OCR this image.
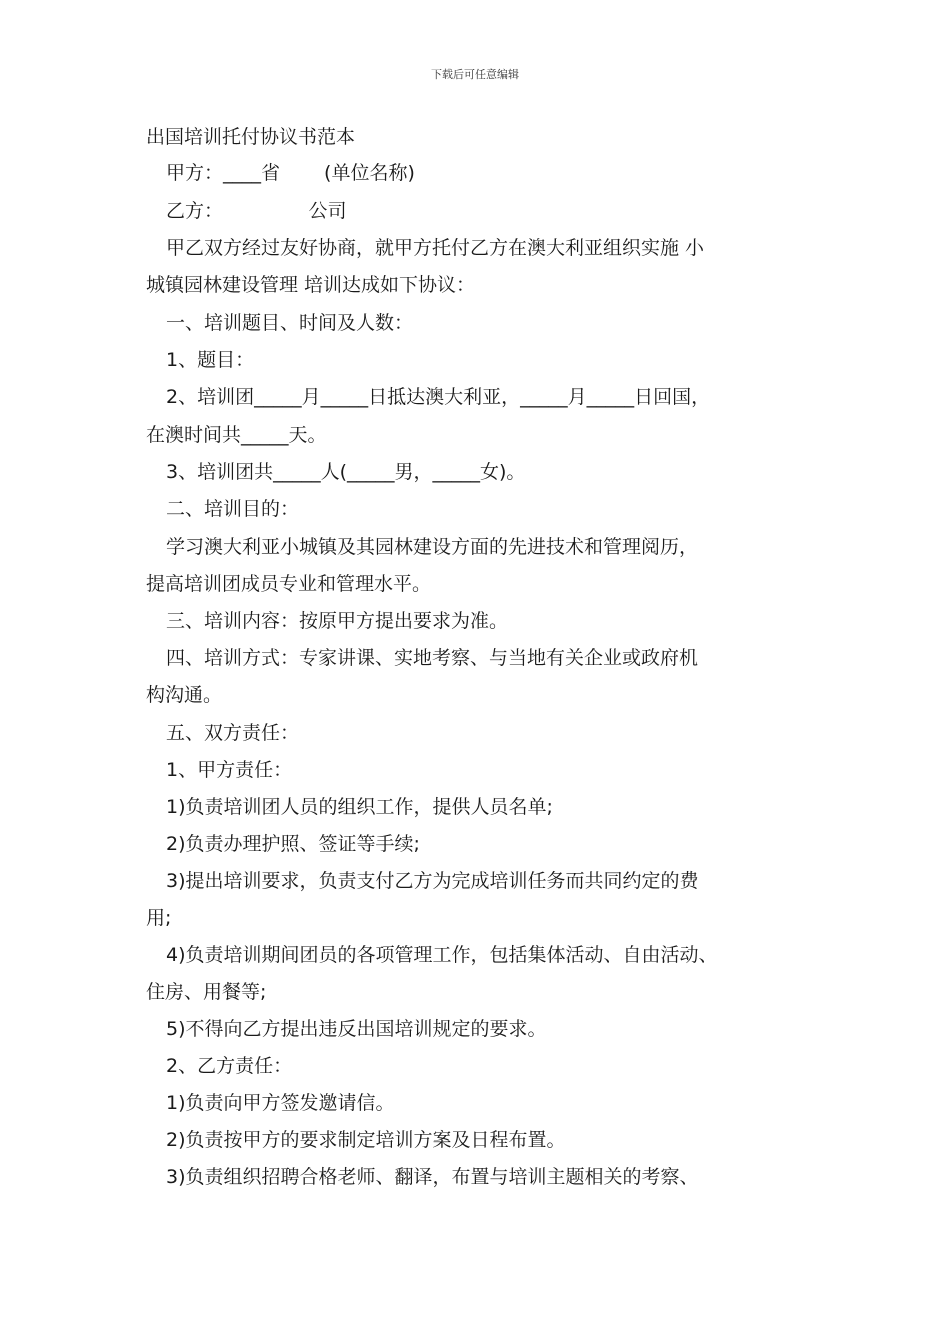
下载后可任意编辑
出国培训托付协议书范本
甲方：____省　　 (单位名称)
乙方：　　　　　公司
甲乙双方经过友好协商，就甲方托付乙方在澳大利亚组织实施 小
城镇园林建设管理 培训达成如下协议：
一、培训题目、时间及人数：
1、题目：
2、培训团_____月_____日抵达澳大利亚，_____月_____日回国，
在澳时间共_____天。
3、培训团共_____人(_____男，_____女)。
二、培训目的：
学习澳大利亚小城镇及其园林建设方面的先进技术和管理阅历，
提高培训团成员专业和管理水平。
三、培训内容：按原甲方提出要求为准。
四、培训方式：专家讲课、实地考察、与当地有关企业或政府机
构沟通。
五、双方责任：
1、甲方责任：
1)负责培训团人员的组织工作，提供人员名单;
2)负责办理护照、签证等手续;
3)提出培训要求，负责支付乙方为完成培训任务而共同约定的费
用;
4)负责培训期间团员的各项管理工作，包括集体活动、自由活动、
住房、用餐等;
5)不得向乙方提出违反出国培训规定的要求。
2、乙方责任：
1)负责向甲方签发邀请信。
2)负责按甲方的要求制定培训方案及日程布置。
3)负责组织招聘合格老师、翻译，布置与培训主题相关的考察、
